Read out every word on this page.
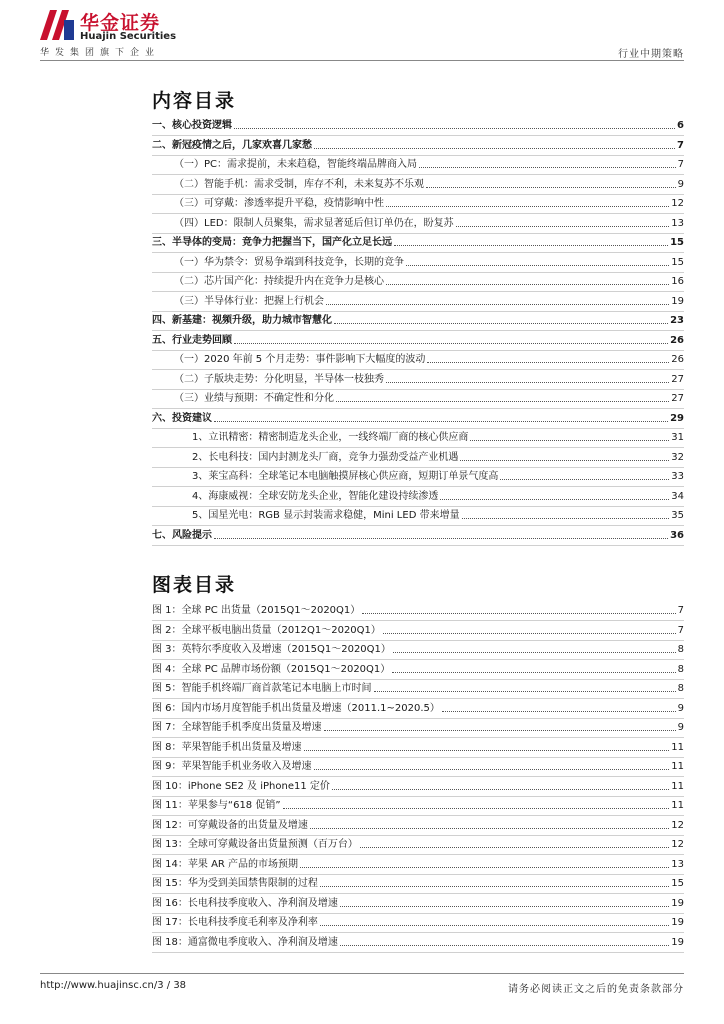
华金证券
Huajin Securities
华发集团旗下企业	行业中期策略
内容目录
一、核心投资逻辑	6
二、新冠疫情之后，几家欢喜几家愁	7
（一）PC：需求提前，未来趋稳，智能终端品牌商入局	7
（二）智能手机：需求受制，库存不利，未来复苏不乐观	9
（三）可穿戴：渗透率提升平稳，疫情影响中性	12
（四）LED：限制人员聚集，需求显著延后但订单仍在，盼复苏	13
三、半导体的变局：竞争力把握当下，国产化立足长远	15
（一）华为禁令：贸易争端到科技竞争，长期的竞争	15
（二）芯片国产化：持续提升内在竞争力是核心	16
（三）半导体行业：把握上行机会	19
四、新基建：视频升级，助力城市智慧化	23
五、行业走势回顾	26
（一）2020 年前 5 个月走势：事件影响下大幅度的波动	26
（二）子版块走势：分化明显，半导体一枝独秀	27
（三）业绩与预期：不确定性和分化	27
六、投资建议	29
1、立讯精密：精密制造龙头企业，一线终端厂商的核心供应商	31
2、长电科技：国内封测龙头厂商，竞争力强劲受益产业机遇	32
3、莱宝高科：全球笔记本电脑触摸屏核心供应商，短期订单景气度高	33
4、海康威视：全球安防龙头企业，智能化建设持续渗透	34
5、国星光电：RGB 显示封装需求稳健，Mini LED 带来增量	35
七、风险提示	36
图表目录
图 1：全球 PC 出货量（2015Q1～2020Q1）	7
图 2：全球平板电脑出货量（2012Q1～2020Q1）	7
图 3：英特尔季度收入及增速（2015Q1～2020Q1）	8
图 4：全球 PC 品牌市场份额（2015Q1～2020Q1）	8
图 5：智能手机终端厂商首款笔记本电脑上市时间	8
图 6：国内市场月度智能手机出货量及增速（2011.1~2020.5）	9
图 7：全球智能手机季度出货量及增速	9
图 8：苹果智能手机出货量及增速	11
图 9：苹果智能手机业务收入及增速	11
图 10：iPhone SE2 及 iPhone11 定价	11
图 11：苹果参与“618 促销”	11
图 12：可穿戴设备的出货量及增速	12
图 13：全球可穿戴设备出货量预测（百万台）	12
图 14：苹果 AR 产品的市场预期	13
图 15：华为受到美国禁售限制的过程	15
图 16：长电科技季度收入、净利润及增速	19
图 17：长电科技季度毛利率及净利率	19
图 18：通富微电季度收入、净利润及增速	19
http://www.huajinsc.cn/3 / 38	请务必阅读正文之后的免责条款部分
